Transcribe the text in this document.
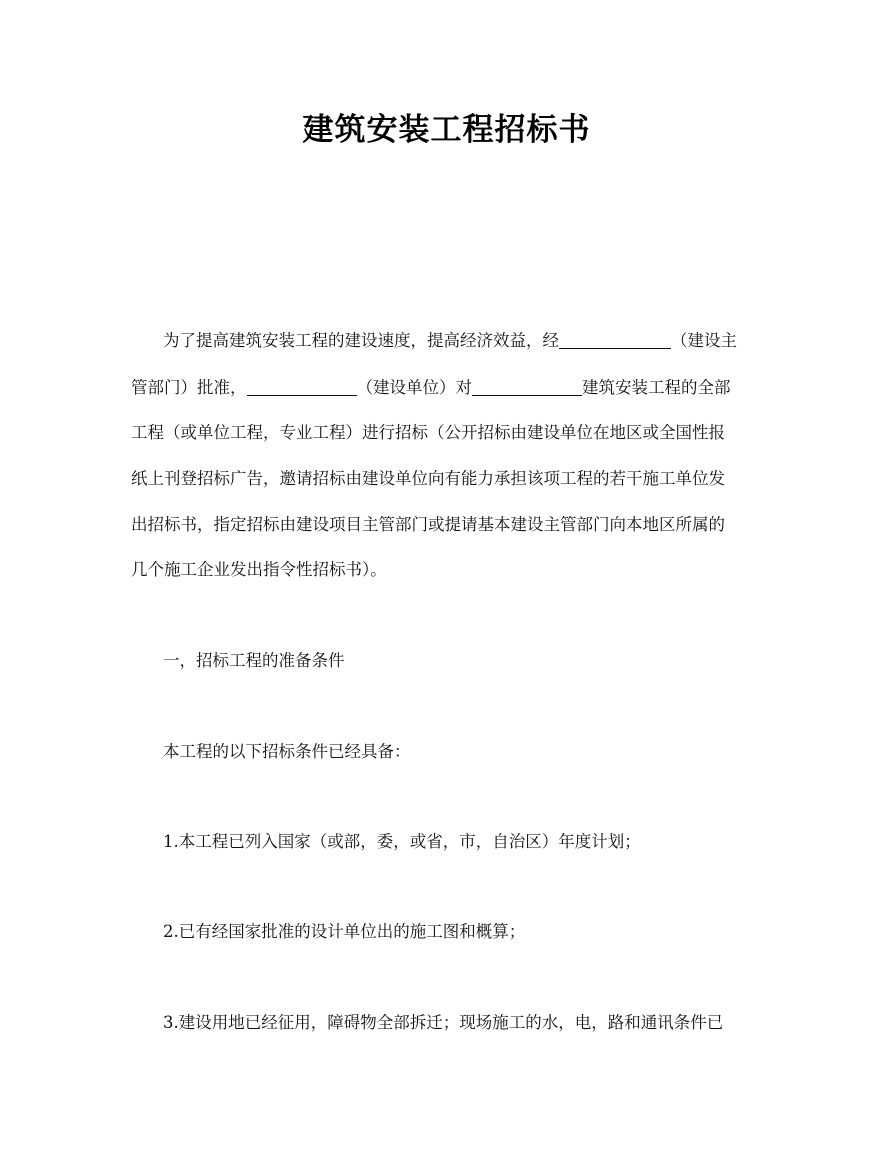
建筑安装工程招标书
为了提高建筑安装工程的建设速度，提高经济效益，经	（建设主
管部门）批准，	（建设单位）对	建筑安装工程的全部
工程（或单位工程，专业工程）进行招标（公开招标由建设单位在地区或全国性报
纸上刊登招标广告，邀请招标由建设单位向有能力承担该项工程的若干施工单位发
出招标书，指定招标由建设项目主管部门或提请基本建设主管部门向本地区所属的
几个施工企业发出指令性招标书）。
一，招标工程的准备条件
本工程的以下招标条件已经具备：
1.本工程已列入国家（或部，委，或省，市，自治区）年度计划；
2.已有经国家批准的设计单位出的施工图和概算；
3.建设用地已经征用，障碍物全部拆迁；现场施工的水，电，路和通讯条件已
